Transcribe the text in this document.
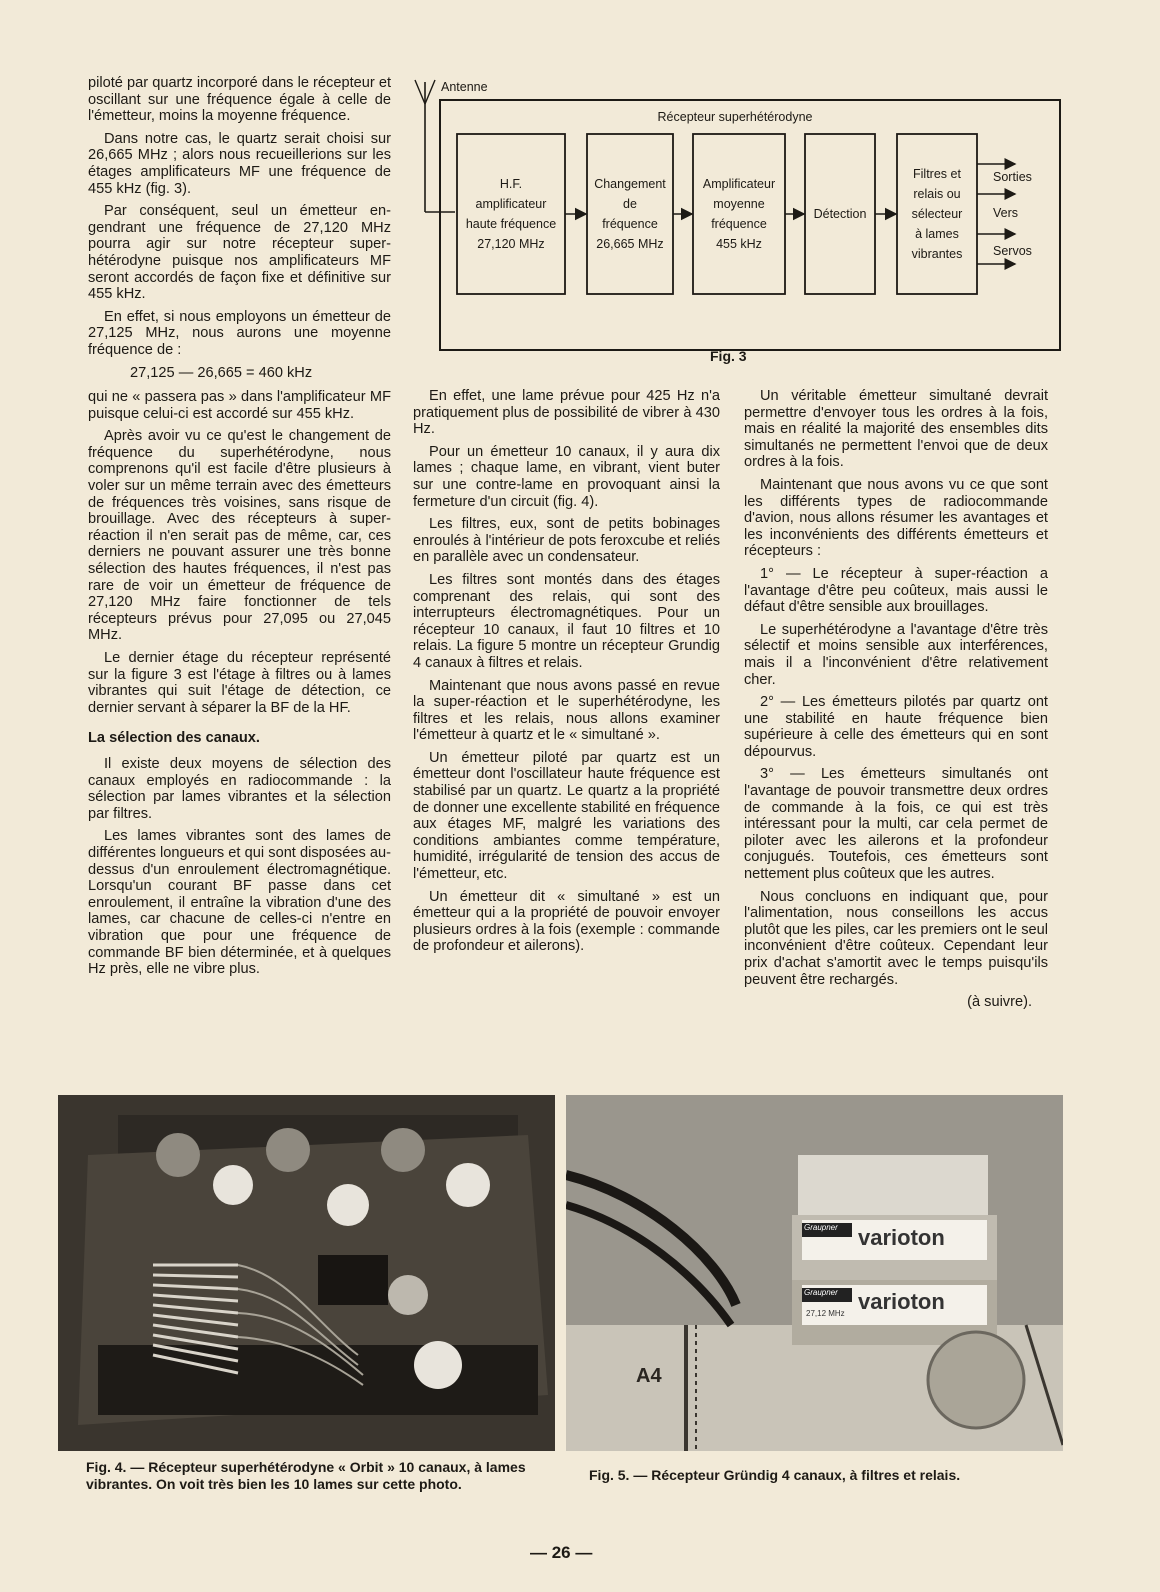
piloté par quartz incorporé dans le récepteur et oscillant sur une fréquence égale à celle de l'émetteur, moins la moyenne fréquence.

Dans notre cas, le quartz serait choisi sur 26,665 MHz ; alors nous recueillerions sur les étages amplificateurs MF une fréquence de 455 kHz (fig. 3).

Par conséquent, seul un émetteur engendrant une fréquence de 27,120 MHz pourra agir sur notre récepteur superhétérodyne puisque nos amplificateurs MF seront accordés de façon fixe et définitive sur 455 kHz.

En effet, si nous employons un émetteur de 27,125 MHz, nous aurons une moyenne fréquence de :

27,125 — 26,665 = 460 kHz

qui ne « passera pas » dans l'amplificateur MF puisque celui-ci est accordé sur 455 kHz.

Après avoir vu ce qu'est le changement de fréquence du superhétérodyne, nous comprenons qu'il est facile d'être plusieurs à voler sur un même terrain avec des émetteurs de fréquences très voisines, sans risque de brouillage. Avec des récepteurs à super-réaction il n'en serait pas de même, car, ces derniers ne pouvant assurer une très bonne sélection des hautes fréquences, il n'est pas rare de voir un émetteur de fréquence de 27,120 MHz faire fonctionner de tels récepteurs prévus pour 27,095 ou 27,045 MHz.

Le dernier étage du récepteur représenté sur la figure 3 est l'étage à filtres ou à lames vibrantes qui suit l'étage de détection, ce dernier servant à séparer la BF de la HF.

La sélection des canaux.

Il existe deux moyens de sélection des canaux employés en radiocommande : la sélection par lames vibrantes et la sélection par filtres.

Les lames vibrantes sont des lames de différentes longueurs et qui sont disposées au-dessus d'un enroulement électromagnétique. Lorsqu'un courant BF passe dans cet enroulement, il entraîne la vibration d'une des lames, car chacune de celles-ci n'entre en vibration que pour une fréquence de commande BF bien déterminée, et à quelques Hz près, elle ne vibre plus.

Antenne
Récepteur superhétérodyne
H.F.
amplificateur
haute fréquence
27,120 MHz
Changement
de
fréquence
26,665 MHz
Amplificateur
moyenne
fréquence
455 kHz
Détection
Filtres et
relais ou
sélecteur
à lames
vibrantes
Sorties
Vers
Servos
Fig. 3

En effet, une lame prévue pour 425 Hz n'a pratiquement plus de possibilité de vibrer à 430 Hz.

Pour un émetteur 10 canaux, il y aura dix lames ; chaque lame, en vibrant, vient buter sur une contre-lame en provoquant ainsi la fermeture d'un circuit (fig. 4).

Les filtres, eux, sont de petits bobinages enroulés à l'intérieur de pots feroxcube et reliés en parallèle avec un condensateur.

Les filtres sont montés dans des étages comprenant des relais, qui sont des interrupteurs électromagnétiques. Pour un récepteur 10 canaux, il faut 10 filtres et 10 relais. La figure 5 montre un récepteur Grundig 4 canaux à filtres et relais.

Maintenant que nous avons passé en revue la super-réaction et le superhétérodyne, les filtres et les relais, nous allons examiner l'émetteur à quartz et le « simultané ».

Un émetteur piloté par quartz est un émetteur dont l'oscillateur haute fréquence est stabilisé par un quartz. Le quartz a la propriété de donner une excellente stabilité en fréquence aux étages MF, malgré les variations des conditions ambiantes comme température, humidité, irrégularité de tension des accus de l'émetteur, etc.

Un émetteur dit « simultané » est un émetteur qui a la propriété de pouvoir envoyer plusieurs ordres à la fois (exemple : commande de profondeur et ailerons).

Un véritable émetteur simultané devrait permettre d'envoyer tous les ordres à la fois, mais en réalité la majorité des ensembles dits simultanés ne permettent l'envoi que de deux ordres à la fois.

Maintenant que nous avons vu ce que sont les différents types de radiocommande d'avion, nous allons résumer les avantages et les inconvénients des différents émetteurs et récepteurs :

1° — Le récepteur à super-réaction a l'avantage d'être peu coûteux, mais aussi le défaut d'être sensible aux brouillages.

Le superhétérodyne a l'avantage d'être très sélectif et moins sensible aux interférences, mais il a l'inconvénient d'être relativement cher.

2° — Les émetteurs pilotés par quartz ont une stabilité en haute fréquence bien supérieure à celle des émetteurs qui en sont dépourvus.

3° — Les émetteurs simultanés ont l'avantage de pouvoir transmettre deux ordres de commande à la fois, ce qui est très intéressant pour la multi, car cela permet de piloter avec les ailerons et la profondeur conjugués. Toutefois, ces émetteurs sont nettement plus coûteux que les autres.

Nous concluons en indiquant que, pour l'alimentation, nous conseillons les accus plutôt que les piles, car les premiers ont le seul inconvénient d'être coûteux. Cependant leur prix d'achat s'amortit avec le temps puisqu'ils peuvent être rechargés.

(à suivre).

varioton
varioton
Graupner
Graupner
27,12 MHz
A4
Fig. 4. — Récepteur superhétérodyne « Orbit » 10 canaux, à lames vibrantes. On voit très bien les 10 lames sur cette photo.
Fig. 5. — Récepteur Gründig 4 canaux, à filtres et relais.
— 26 —
